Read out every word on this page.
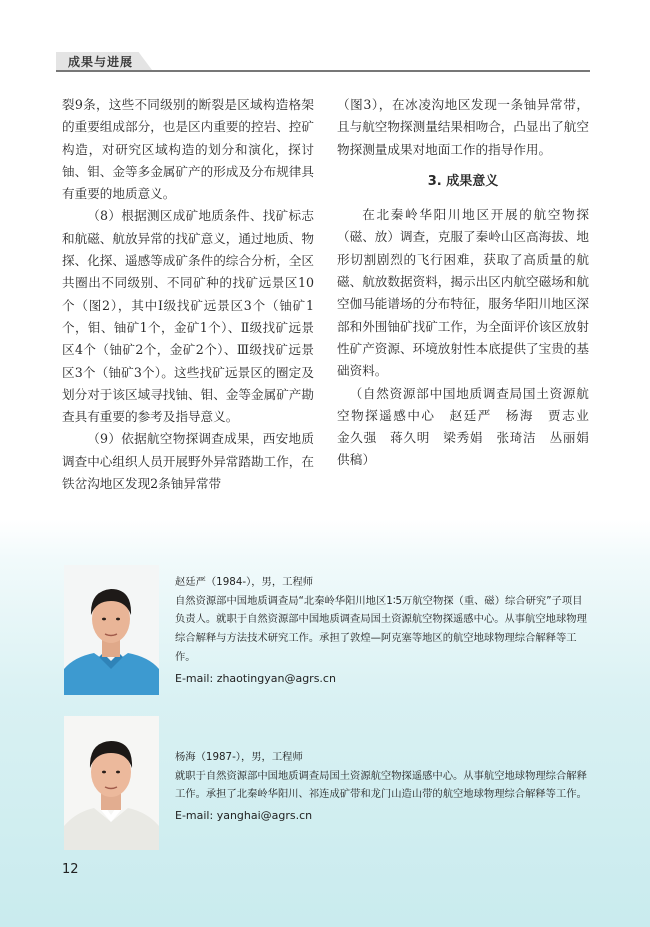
成果与进展

裂9条，这些不同级别的断裂是区域构造格架的重要组成部分，也是区内重要的控岩、控矿构造，对研究区域构造的划分和演化，探讨铀、钼、金等多金属矿产的形成及分布规律具有重要的地质意义。

（8）根据测区成矿地质条件、找矿标志和航磁、航放异常的找矿意义，通过地质、物探、化探、遥感等成矿条件的综合分析，全区共圈出不同级别、不同矿种的找矿远景区10个（图2），其中Ⅰ级找矿远景区3个（铀矿1个，钼、铀矿1个，金矿1个）、Ⅱ级找矿远景区4个（铀矿2个，金矿2个）、Ⅲ级找矿远景区3个（铀矿3个）。这些找矿远景区的圈定及划分对于该区域寻找铀、钼、金等金属矿产勘查具有重要的参考及指导意义。

（9）依据航空物探调查成果，西安地质调查中心组织人员开展野外异常踏勘工作，在铁岔沟地区发现2条铀异常带

（图3），在冰凌沟地区发现一条铀异常带，且与航空物探测量结果相吻合，凸显出了航空物探测量成果对地面工作的指导作用。

3. 成果意义

在北秦岭华阳川地区开展的航空物探（磁、放）调查，克服了秦岭山区高海拔、地形切割剧烈的飞行困难，获取了高质量的航磁、航放数据资料，揭示出区内航空磁场和航空伽马能谱场的分布特征，服务华阳川地区深部和外围铀矿找矿工作，为全面评价该区放射性矿产资源、环境放射性本底提供了宝贵的基础资料。

（自然资源部中国地质调查局国土资源航空物探遥感中心　赵廷严　杨海　贾志业　金久强　蒋久明　梁秀娟　张琦洁　丛丽娟供稿）

赵廷严（1984-），男，工程师

自然资源部中国地质调查局“北秦岭华阳川地区1∶5万航空物探（重、磁）综合研究”子项目负责人。就职于自然资源部中国地质调查局国土资源航空物探遥感中心。从事航空地球物理综合解释与方法技术研究工作。承担了敦煌—阿克塞等地区的航空地球物理综合解释等工作。

E-mail: zhaotingyan@agrs.cn

杨海（1987-），男，工程师

就职于自然资源部中国地质调查局国土资源航空物探遥感中心。从事航空地球物理综合解释工作。承担了北秦岭华阳川、祁连成矿带和龙门山造山带的航空地球物理综合解释等工作。

E-mail: yanghai@agrs.cn

12
